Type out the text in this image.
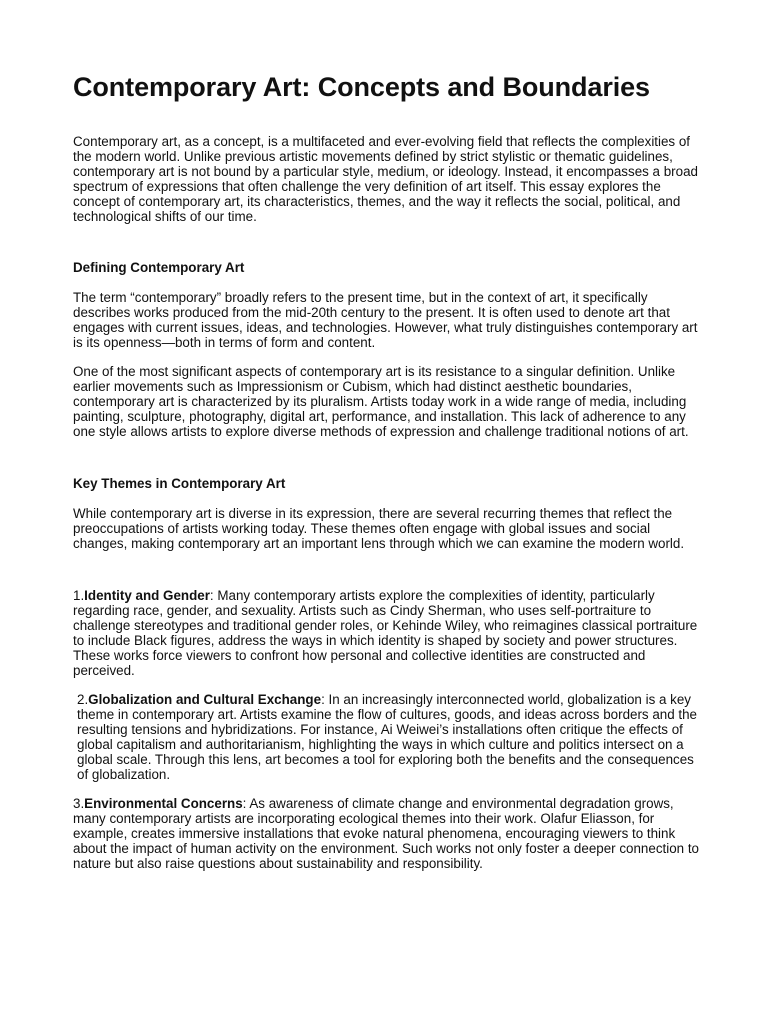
Contemporary Art: Concepts and Boundaries

Contemporary art, as a concept, is a multifaceted and ever-evolving field that reflects the complexities of the modern world. Unlike previous artistic movements defined by strict stylistic or thematic guidelines, contemporary art is not bound by a particular style, medium, or ideology. Instead, it encompasses a broad spectrum of expressions that often challenge the very definition of art itself. This essay explores the concept of contemporary art, its characteristics, themes, and the way it reflects the social, political, and technological shifts of our time.

Defining Contemporary Art

The term “contemporary” broadly refers to the present time, but in the context of art, it specifically describes works produced from the mid-20th century to the present. It is often used to denote art that engages with current issues, ideas, and technologies. However, what truly distinguishes contemporary art is its openness—both in terms of form and content.

One of the most significant aspects of contemporary art is its resistance to a singular definition. Unlike earlier movements such as Impressionism or Cubism, which had distinct aesthetic boundaries, contemporary art is characterized by its pluralism. Artists today work in a wide range of media, including painting, sculpture, photography, digital art, performance, and installation. This lack of adherence to any one style allows artists to explore diverse methods of expression and challenge traditional notions of art.

Key Themes in Contemporary Art

While contemporary art is diverse in its expression, there are several recurring themes that reflect the preoccupations of artists working today. These themes often engage with global issues and social changes, making contemporary art an important lens through which we can examine the modern world.

1.Identity and Gender: Many contemporary artists explore the complexities of identity, particularly regarding race, gender, and sexuality. Artists such as Cindy Sherman, who uses self-portraiture to challenge stereotypes and traditional gender roles, or Kehinde Wiley, who reimagines classical portraiture to include Black figures, address the ways in which identity is shaped by society and power structures. These works force viewers to confront how personal and collective identities are constructed and perceived.

2.Globalization and Cultural Exchange: In an increasingly interconnected world, globalization is a key theme in contemporary art. Artists examine the flow of cultures, goods, and ideas across borders and the resulting tensions and hybridizations. For instance, Ai Weiwei’s installations often critique the effects of global capitalism and authoritarianism, highlighting the ways in which culture and politics intersect on a global scale. Through this lens, art becomes a tool for exploring both the benefits and the consequences of globalization.

3.Environmental Concerns: As awareness of climate change and environmental degradation grows, many contemporary artists are incorporating ecological themes into their work. Olafur Eliasson, for example, creates immersive installations that evoke natural phenomena, encouraging viewers to think about the impact of human activity on the environment. Such works not only foster a deeper connection to nature but also raise questions about sustainability and responsibility.
